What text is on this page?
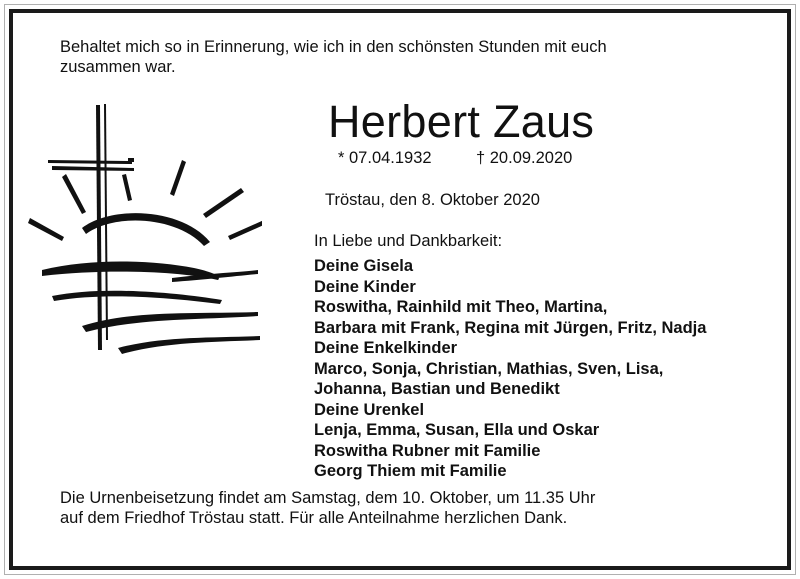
Behaltet mich so in Erinnerung, wie ich in den schönsten Stunden mit euch
zusammen war.

Herbert Zaus
* 07.04.1932	† 20.09.2020
Tröstau, den 8. Oktober 2020
In Liebe und Dankbarkeit:
Deine Gisela
Deine Kinder
Roswitha, Rainhild mit Theo, Martina,
Barbara mit Frank, Regina mit Jürgen, Fritz, Nadja
Deine Enkelkinder
Marco, Sonja, Christian, Mathias, Sven, Lisa,
Johanna, Bastian und Benedikt
Deine Urenkel
Lenja, Emma, Susan, Ella und Oskar
Roswitha Rubner mit Familie
Georg Thiem mit Familie

Die Urnenbeisetzung findet am Samstag, dem 10. Oktober, um 11.35 Uhr
auf dem Friedhof Tröstau statt. Für alle Anteilnahme herzlichen Dank.
